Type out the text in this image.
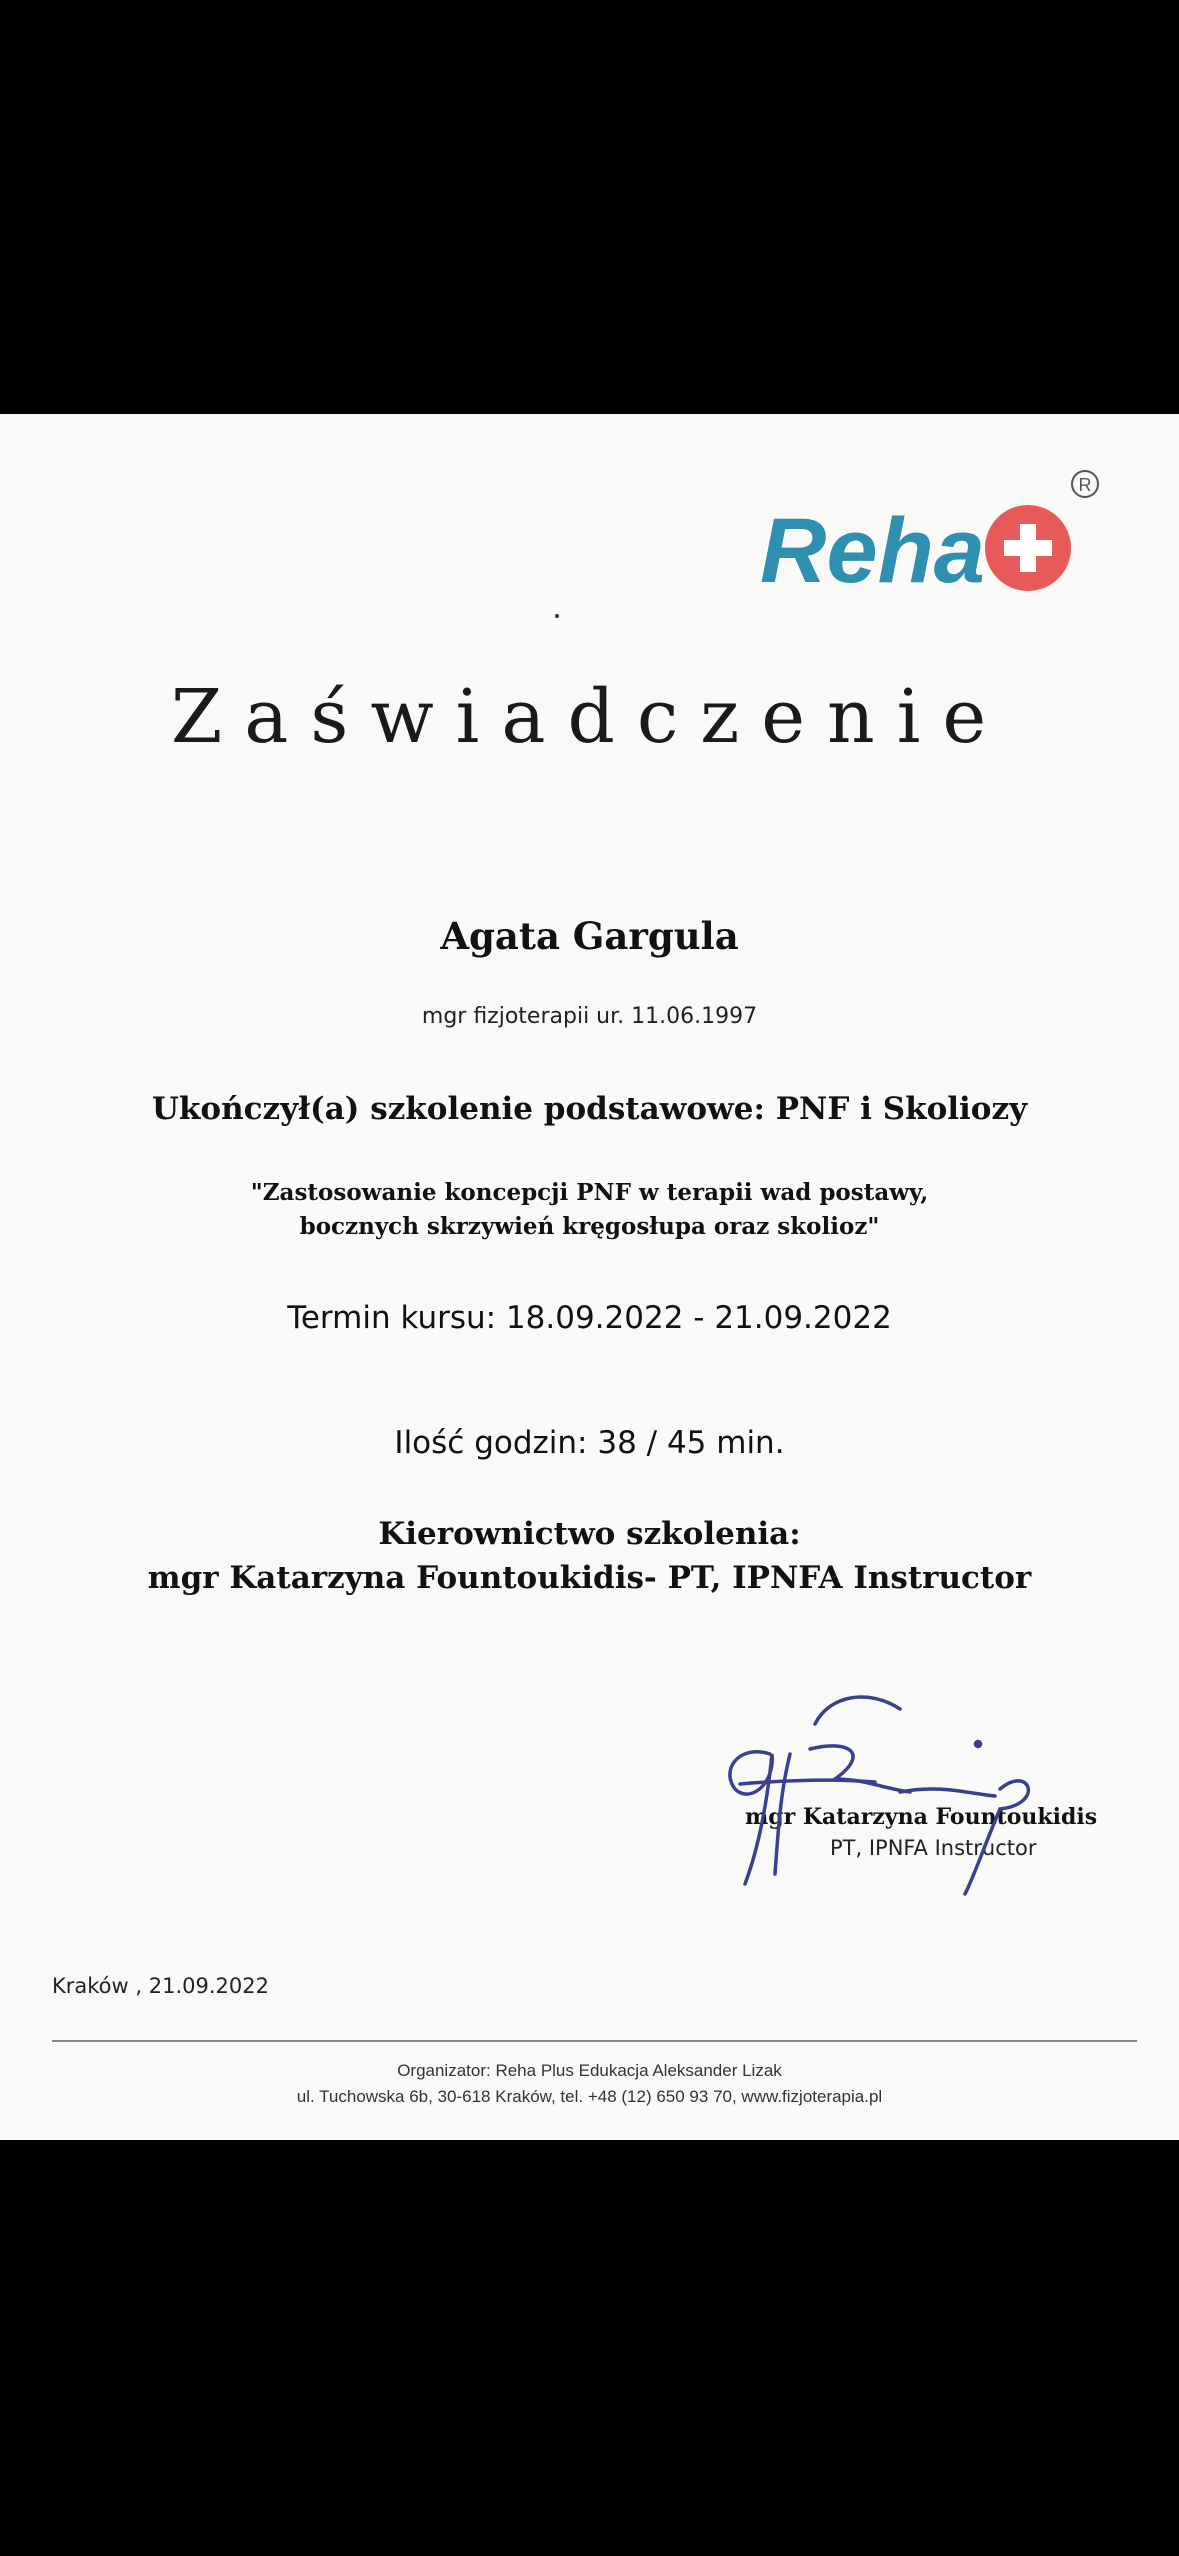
Reha
R
Zaświadczenie
Agata Gargula
mgr fizjoterapii ur. 11.06.1997
Ukończył(a) szkolenie podstawowe: PNF i Skoliozy
"Zastosowanie koncepcji PNF w terapii wad postawy,
bocznych skrzywień kręgosłupa oraz skolioz"
Termin kursu: 18.09.2022 - 21.09.2022
Ilość godzin: 38 / 45 min.
Kierownictwo szkolenia:
mgr Katarzyna Fountoukidis- PT, IPNFA Instructor
mgr Katarzyna Fountoukidis
PT, IPNFA Instructor
Kraków , 21.09.2022
Organizator: Reha Plus Edukacja Aleksander Lizak
ul. Tuchowska 6b, 30-618 Kraków, tel. +48 (12) 650 93 70, www.fizjoterapia.pl
